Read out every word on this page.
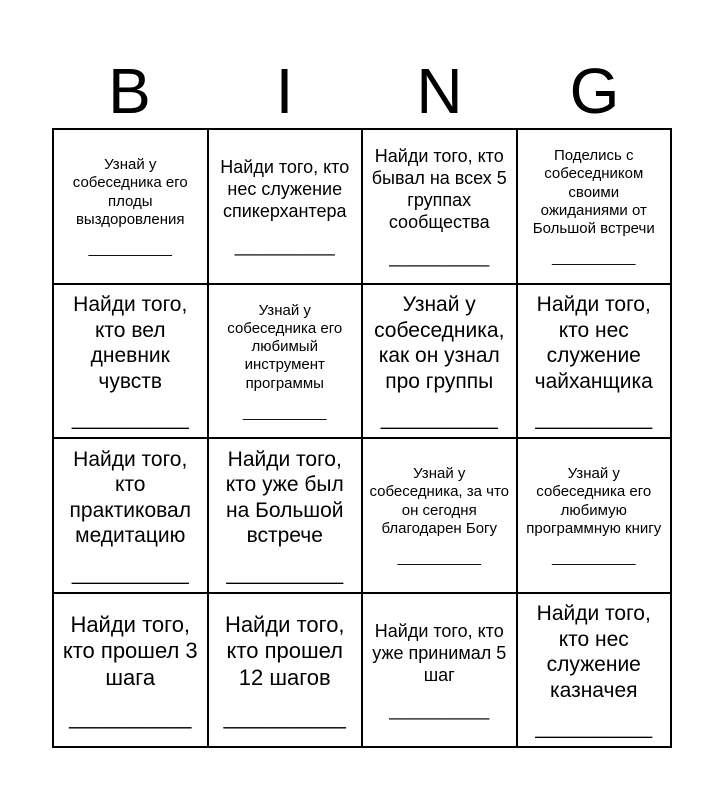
B	I	N	G
Узнай у собеседника его плоды выздоровления
__________
Найди того, кто нес служение спикерхантера
__________
Найди того, кто бывал на всех 5 группах сообщества
__________
Поделись с собеседником своими ожиданиями от Большой встречи
__________
Найди того, кто вел дневник чувств
__________
Узнай у собеседника его любимый инструмент программы
__________
Узнай у собеседника, как он узнал про группы
__________
Найди того, кто нес служение чайханщика
__________
Найди того, кто практиковал медитацию
__________
Найди того, кто уже был на Большой встрече
__________
Узнай у собеседника, за что он сегодня благодарен Богу
__________
Узнай у собеседника его любимую программную книгу
__________
Найди того, кто прошел 3 шага
__________
Найди того, кто прошел 12 шагов
__________
Найди того, кто уже принимал 5 шаг
__________
Найди того, кто нес служение казначея
__________
